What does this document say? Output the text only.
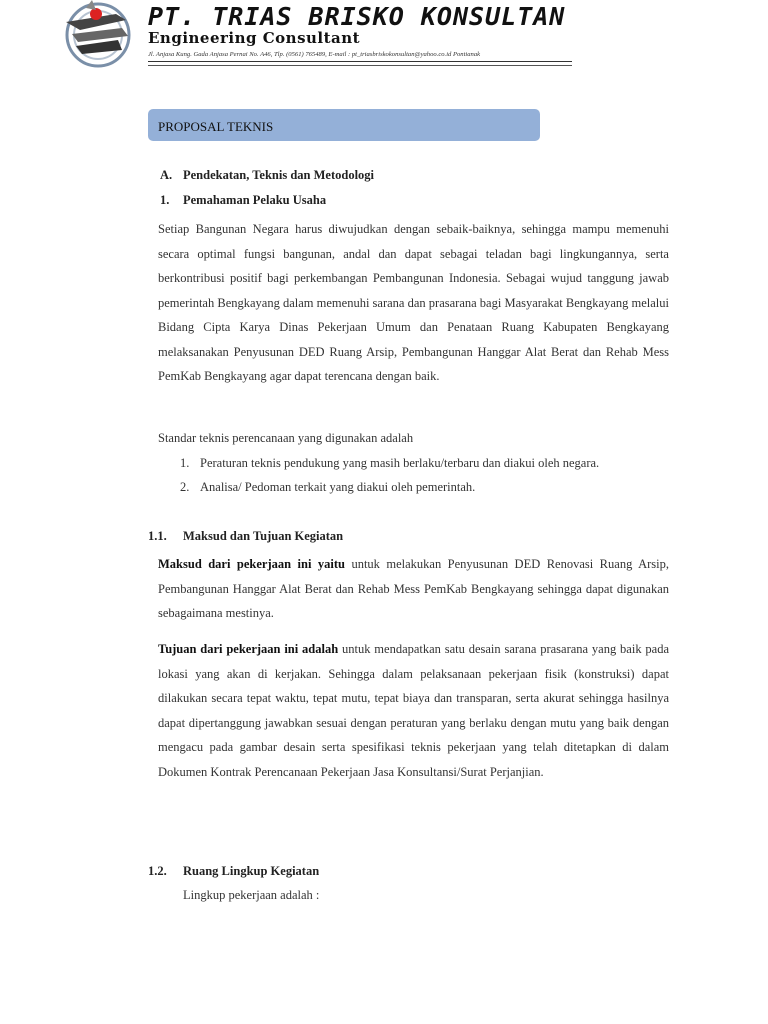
PT. TRIAS BRISKO KONSULTAN
Engineering Consultant
Jl. Anjasa Kung. Gada Anjasa Pernai No. A46, Tlp. (0561) 765489, E-mail : pt_triasbriskokonsultan@yahoo.co.id Pontianak
PROPOSAL TEKNIS
A. Pendekatan, Teknis dan Metodologi
1. Pemahaman Pelaku Usaha
Setiap Bangunan Negara harus diwujudkan dengan sebaik-baiknya, sehingga mampu memenuhi secara optimal fungsi bangunan, andal dan dapat sebagai teladan bagi lingkungannya, serta berkontribusi positif bagi perkembangan Pembangunan Indonesia. Sebagai wujud tanggung jawab pemerintah Bengkayang dalam memenuhi sarana dan prasarana bagi Masyarakat Bengkayang melalui Bidang Cipta Karya Dinas Pekerjaan Umum dan Penataan Ruang Kabupaten Bengkayang melaksanakan Penyusunan DED Ruang Arsip, Pembangunan Hanggar Alat Berat dan Rehab Mess PemKab Bengkayang agar dapat terencana dengan baik.
Standar teknis perencanaan yang digunakan adalah
1. Peraturan teknis pendukung yang masih berlaku/terbaru dan diakui oleh negara.
2. Analisa/ Pedoman terkait yang diakui oleh pemerintah.
1.1. Maksud dan Tujuan Kegiatan
Maksud dari pekerjaan ini yaitu untuk melakukan Penyusunan DED Renovasi Ruang Arsip, Pembangunan Hanggar Alat Berat dan Rehab Mess PemKab Bengkayang sehingga dapat digunakan sebagaimana mestinya.
Tujuan dari pekerjaan ini adalah untuk mendapatkan satu desain sarana prasarana yang baik pada lokasi yang akan di kerjakan. Sehingga dalam pelaksanaan pekerjaan fisik (konstruksi) dapat dilakukan secara tepat waktu, tepat mutu, tepat biaya dan transparan, serta akurat sehingga hasilnya dapat dipertanggung jawabkan sesuai dengan peraturan yang berlaku dengan mutu yang baik dengan mengacu pada gambar desain serta spesifikasi teknis pekerjaan yang telah ditetapkan di dalam Dokumen Kontrak Perencanaan Pekerjaan Jasa Konsultansi/Surat Perjanjian.
1.2. Ruang Lingkup Kegiatan
Lingkup pekerjaan adalah :
